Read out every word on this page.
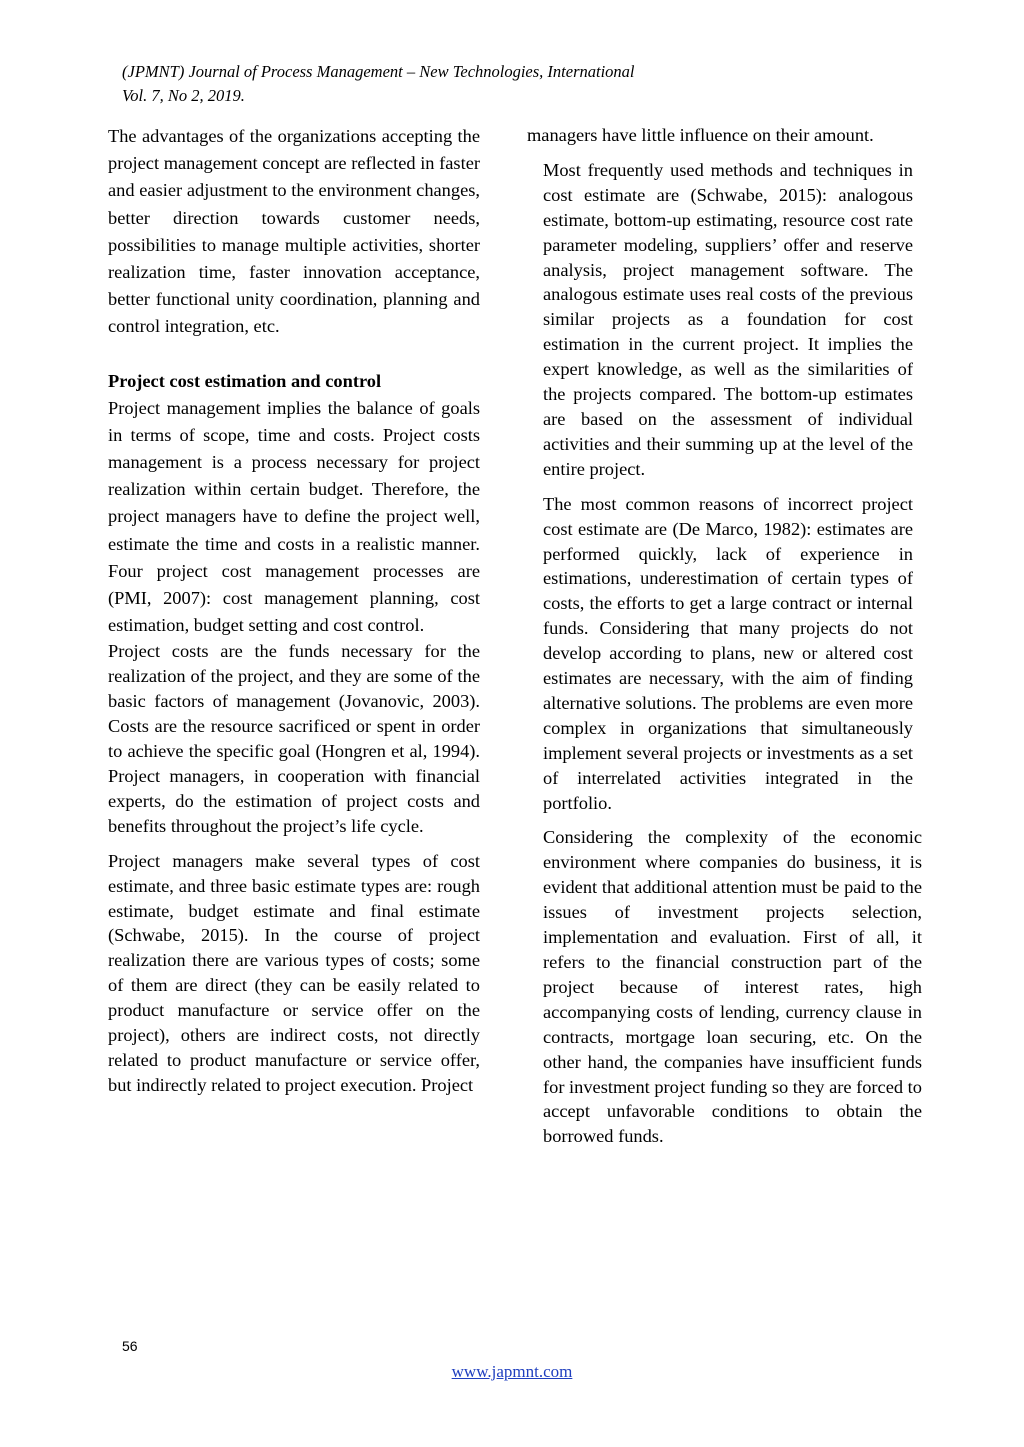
(JPMNT) Journal of Process Management – New Technologies, International
Vol. 7, No 2, 2019.

The advantages of the organizations accepting the project management concept are reflected in faster and easier adjustment to the environment changes, better direction towards customer needs, possibilities to manage multiple activities, shorter realization time, faster innovation acceptance, better functional unity coordination, planning and control integration, etc.

Project cost estimation and control

Project management implies the balance of goals in terms of scope, time and costs. Project costs management is a process necessary for project realization within certain budget. Therefore, the project managers have to define the project well, estimate the time and costs in a realistic manner. Four project cost management processes are (PMI, 2007): cost management planning, cost estimation, budget setting and cost control.

Project costs are the funds necessary for the realization of the project, and they are some of the basic factors of management (Jovanovic, 2003). Costs are the resource sacrificed or spent in order to achieve the specific goal (Hongren et al, 1994). Project managers, in cooperation with financial experts, do the estimation of project costs and benefits throughout the project’s life cycle.

Project managers make several types of cost estimate, and three basic estimate types are: rough estimate, budget estimate and final estimate (Schwabe, 2015). In the course of project realization there are various types of costs; some of them are direct (they can be easily related to product manufacture or service offer on the project), others are indirect costs, not directly related to product manufacture or service offer, but indirectly related to project execution. Project

managers have little influence on their amount.

Most frequently used methods and techniques in cost estimate are (Schwabe, 2015): analogous estimate, bottom-up estimating, resource cost rate parameter modeling, suppliers’ offer and reserve analysis, project management software. The analogous estimate uses real costs of the previous similar projects as a foundation for cost estimation in the current project. It implies the expert knowledge, as well as the similarities of the projects compared. The bottom-up estimates are based on the assessment of individual activities and their summing up at the level of the entire project.

The most common reasons of incorrect project cost estimate are (De Marco, 1982): estimates are performed quickly, lack of experience in estimations, underestimation of certain types of costs, the efforts to get a large contract or internal funds. Considering that many projects do not develop according to plans, new or altered cost estimates are necessary, with the aim of finding alternative solutions. The problems are even more complex in organizations that simultaneously implement several projects or investments as a set of interrelated activities integrated in the portfolio.

Considering the complexity of the economic environment where companies do business, it is evident that additional attention must be paid to the issues of investment projects selection, implementation and evaluation. First of all, it refers to the financial construction part of the project because of interest rates, high accompanying costs of lending, currency clause in contracts, mortgage loan securing, etc. On the other hand, the companies have insufficient funds for investment project funding so they are forced to accept unfavorable conditions to obtain the borrowed funds.

56
www.japmnt.com
